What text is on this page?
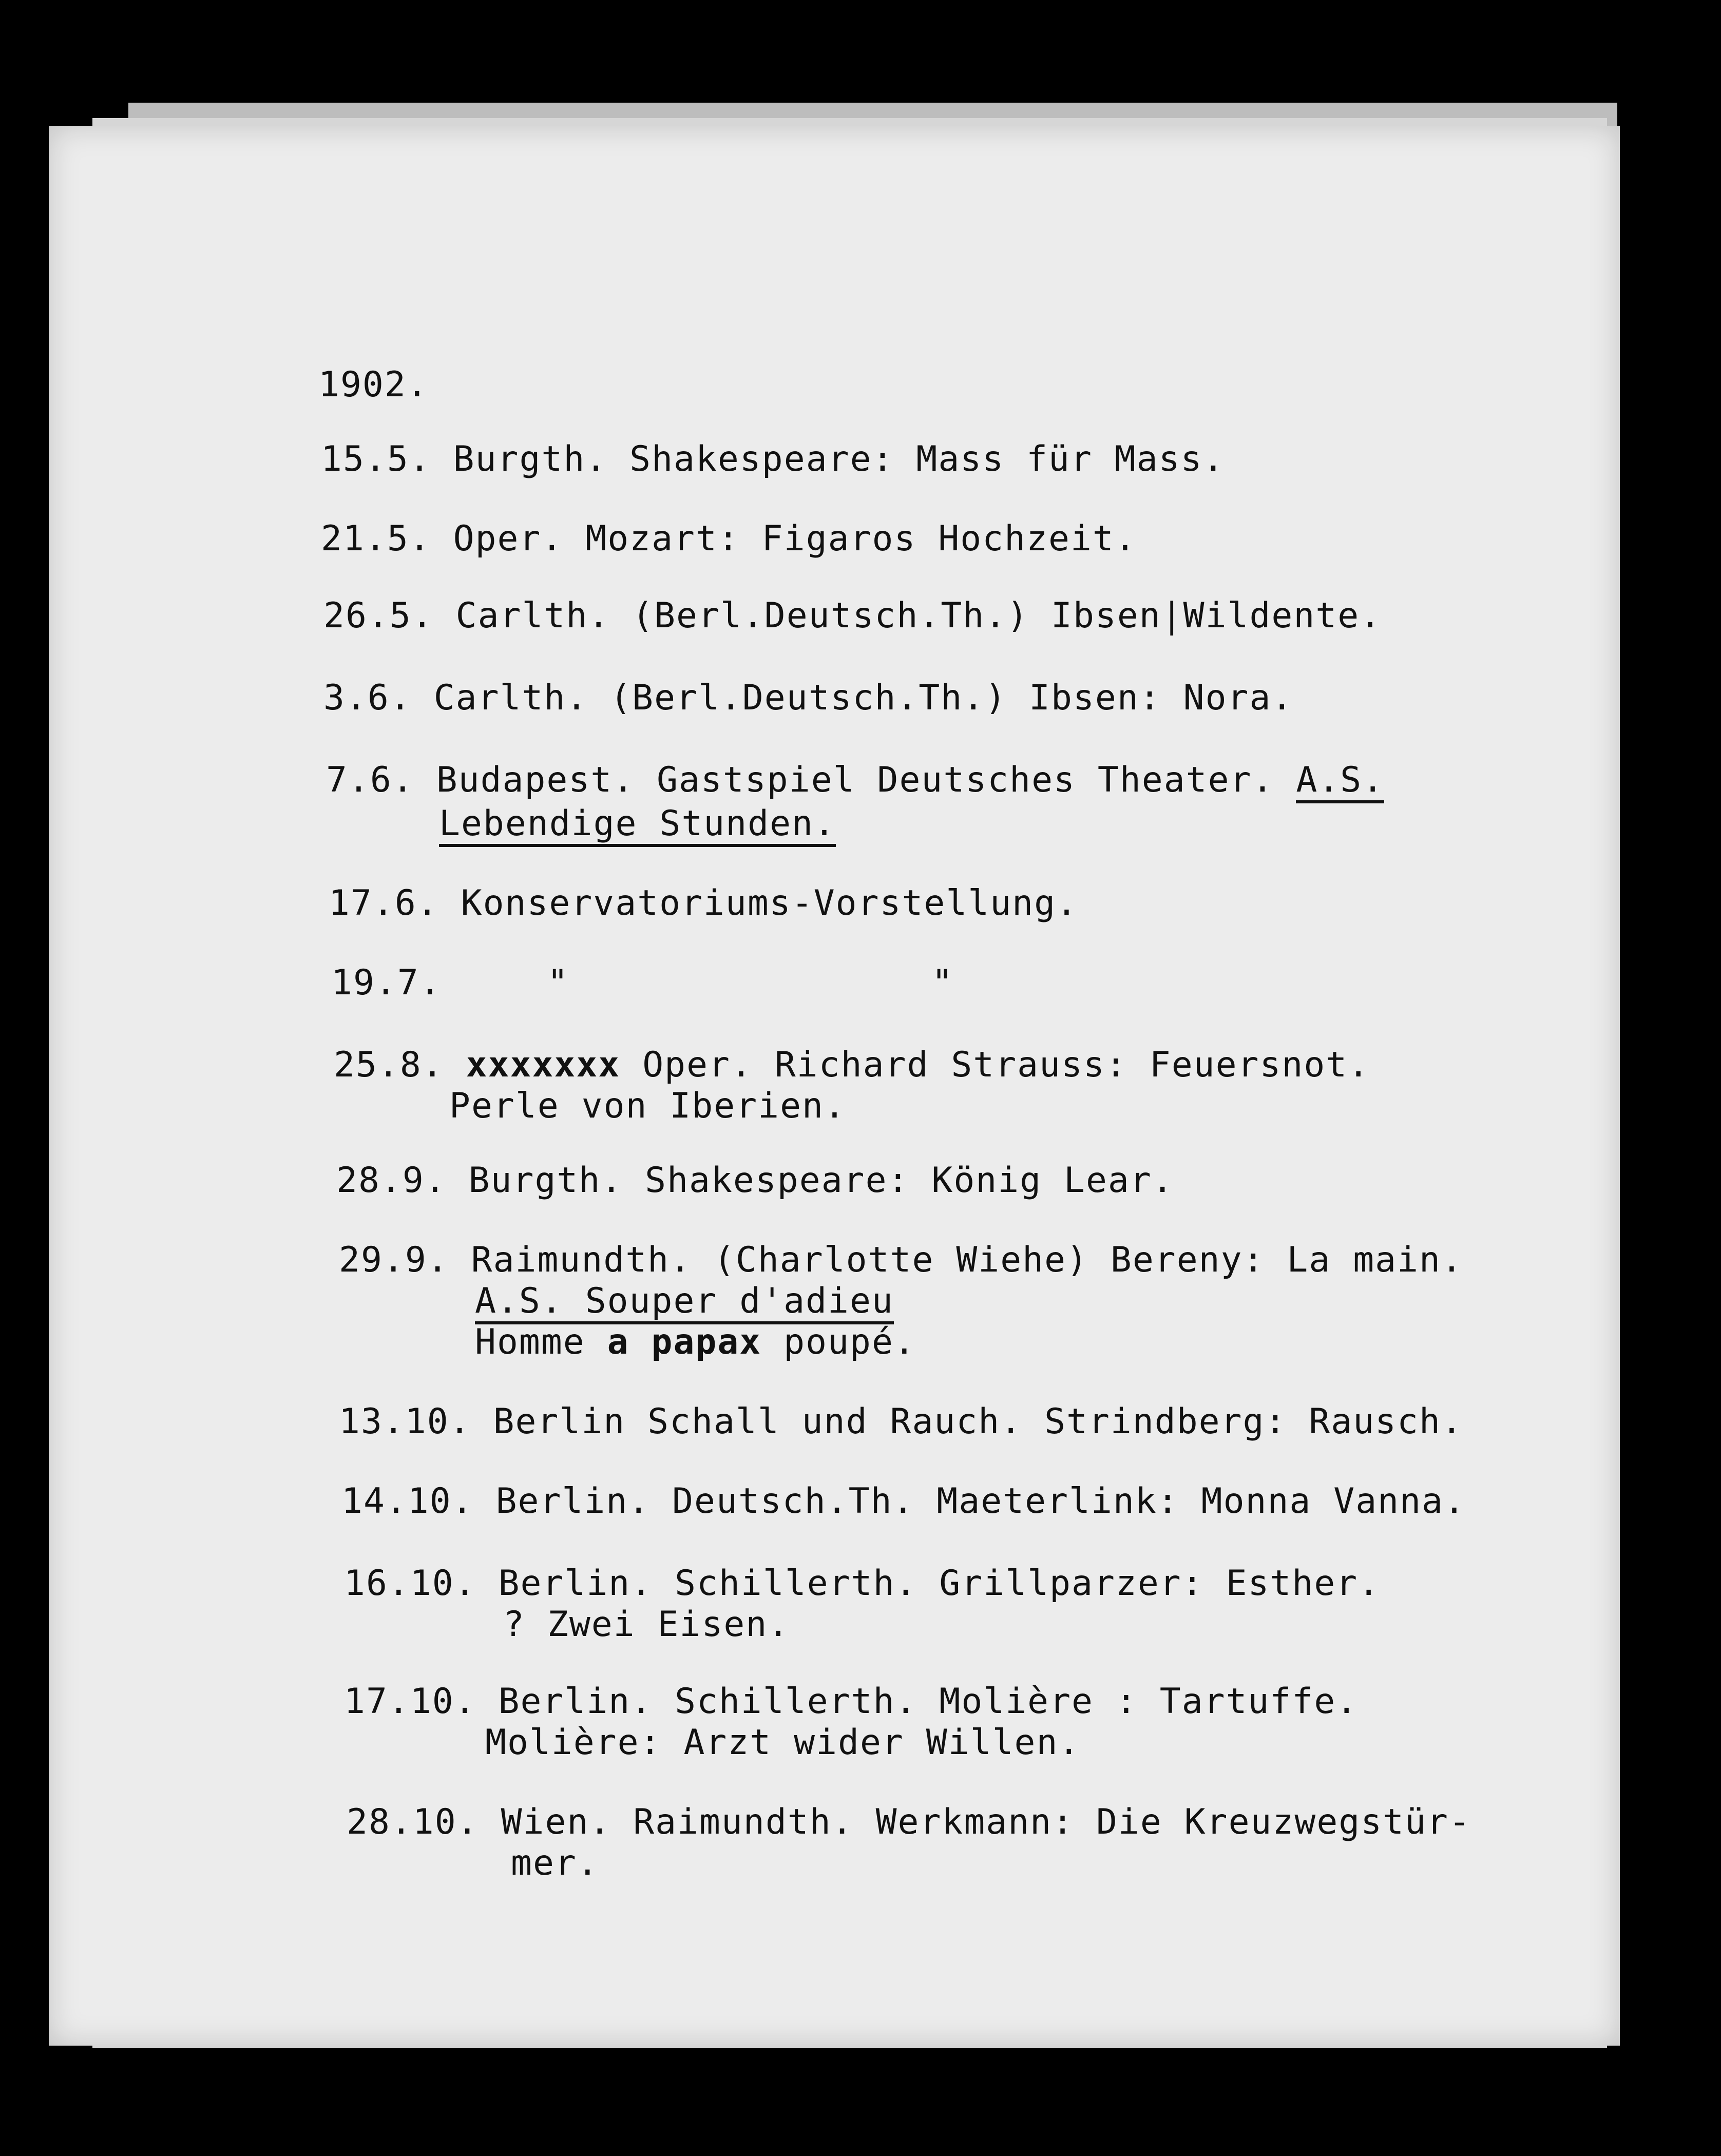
1902.
15.5. Burgth. Shakespeare: Mass für Mass.
21.5. Oper. Mozart: Figaros Hochzeit.
26.5. Carlth. (Berl.Deutsch.Th.) Ibsen|Wildente.
3.6. Carlth. (Berl.Deutsch.Th.) Ibsen: Nora.
7.6. Budapest. Gastspiel Deutsches Theater. A.S.
Lebendige Stunden.
17.6. Konservatoriums-Vorstellung.
19.7.	"	"
25.8. xxxxxxx Oper. Richard Strauss: Feuersnot.
Perle von Iberien.
28.9. Burgth. Shakespeare: König Lear.
29.9. Raimundth. (Charlotte Wiehe) Bereny: La main.
A.S. Souper d'adieu
Homme a papax poupé.
13.10. Berlin Schall und Rauch. Strindberg: Rausch.
14.10. Berlin. Deutsch.Th. Maeterlink: Monna Vanna.
16.10. Berlin. Schillerth. Grillparzer: Esther.
? Zwei Eisen.
17.10. Berlin. Schillerth. Molière : Tartuffe.
Molière: Arzt wider Willen.
28.10. Wien. Raimundth. Werkmann: Die Kreuzwegstür-
mer.
